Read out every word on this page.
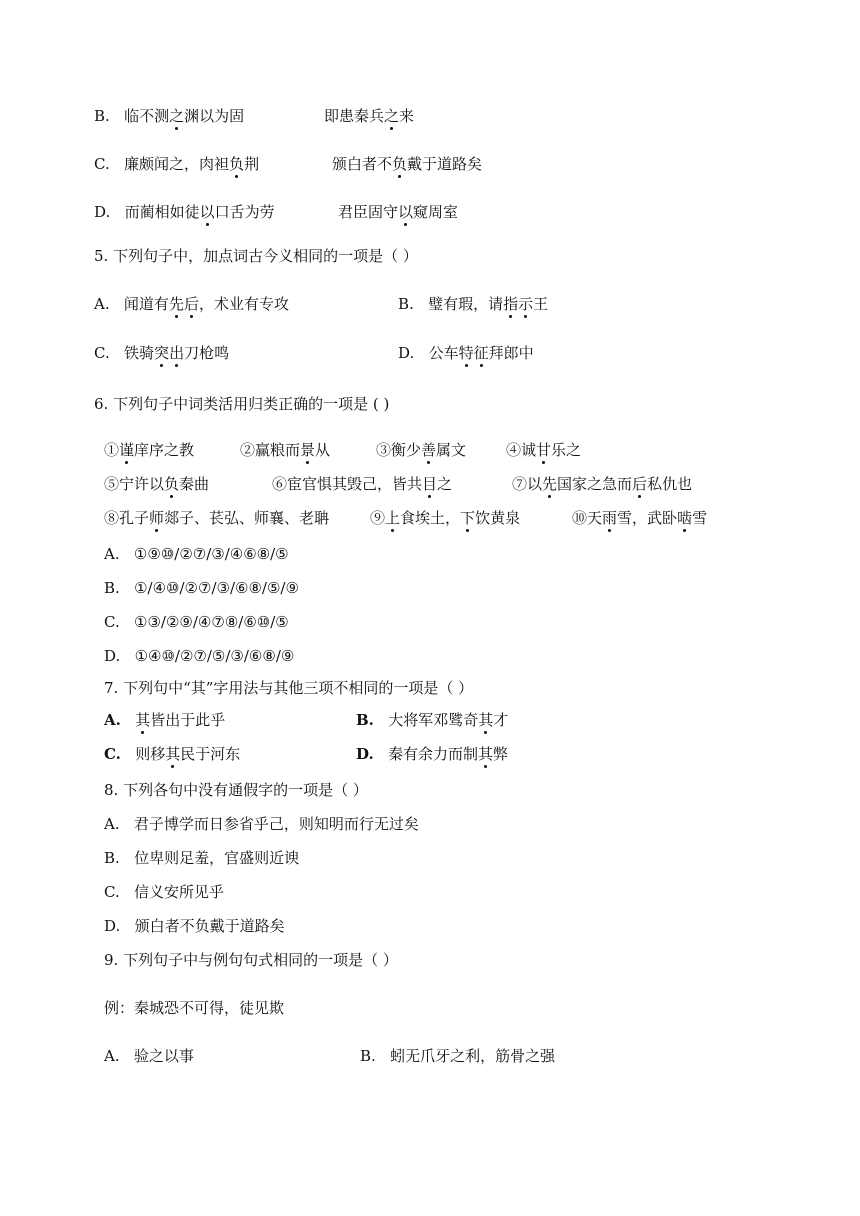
B. 临不测之渊以为固	即患秦兵之来
C. 廉颇闻之，肉袒负荆	颁白者不负戴于道路矣
D. 而蔺相如徒以口舌为劳	君臣固守以窥周室
5. 下列句子中，加点词古今义相同的一项是（ ）
A. 闻道有先后，术业有专攻	B. 璧有瑕，请指示王
C. 铁骑突出刀枪鸣	D. 公车特征拜郎中
6. 下列句子中词类活用归类正确的一项是 ( )
①谨庠序之教	②赢粮而景从	③衡少善属文	④诚甘乐之
⑤宁许以负秦曲	⑥宦官惧其毁己，皆共目之	⑦以先国家之急而后私仇也
⑧孔子师郯子、苌弘、师襄、老聃	⑨上食埃土，下饮黄泉	⑩天雨雪，武卧啮雪
A. ①⑨⑩/②⑦/③/④⑥⑧/⑤
B. ①/④⑩/②⑦/③/⑥⑧/⑤/⑨
C. ①③/②⑨/④⑦⑧/⑥⑩/⑤
D. ①④⑩/②⑦/⑤/③/⑥⑧/⑨
7. 下列句中“其”字用法与其他三项不相同的一项是（ ）
A. 其皆出于此乎	B. 大将军邓骘奇其才
C. 则移其民于河东	D. 秦有余力而制其弊
8. 下列各句中没有通假字的一项是（ ）
A. 君子博学而日参省乎己，则知明而行无过矣
B. 位卑则足羞，官盛则近谀
C. 信义安所见乎
D. 颁白者不负戴于道路矣
9. 下列句子中与例句句式相同的一项是（ ）
例：秦城恐不可得，徒见欺
A. 验之以事	B. 蚓无爪牙之利，筋骨之强
